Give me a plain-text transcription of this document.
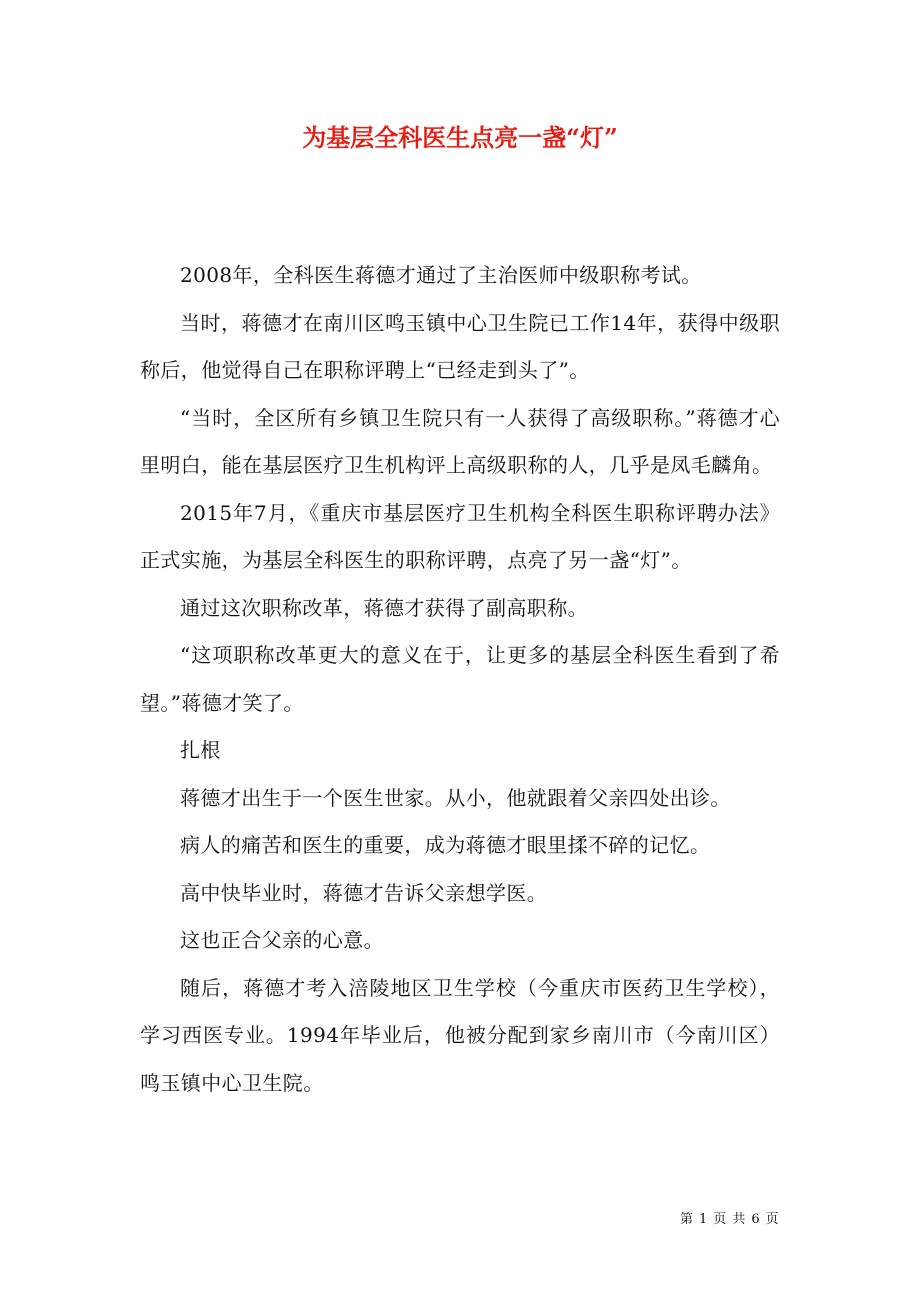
为基层全科医生点亮一盏“灯”

2008年，全科医生蒋德才通过了主治医师中级职称考试。

当时，蒋德才在南川区鸣玉镇中心卫生院已工作14年，获得中级职称后，他觉得自己在职称评聘上“已经走到头了”。

“当时，全区所有乡镇卫生院只有一人获得了高级职称。”蒋德才心里明白，能在基层医疗卫生机构评上高级职称的人，几乎是凤毛麟角。

2015年7月，《重庆市基层医疗卫生机构全科医生职称评聘办法》正式实施，为基层全科医生的职称评聘，点亮了另一盏“灯”。

通过这次职称改革，蒋德才获得了副高职称。

“这项职称改革更大的意义在于，让更多的基层全科医生看到了希望。”蒋德才笑了。

扎根

蒋德才出生于一个医生世家。从小，他就跟着父亲四处出诊。

病人的痛苦和医生的重要，成为蒋德才眼里揉不碎的记忆。

高中快毕业时，蒋德才告诉父亲想学医。

这也正合父亲的心意。

随后，蒋德才考入涪陵地区卫生学校（今重庆市医药卫生学校），学习西医专业。1994年毕业后，他被分配到家乡南川市（今南川区）鸣玉镇中心卫生院。

第 1 页 共 6 页
